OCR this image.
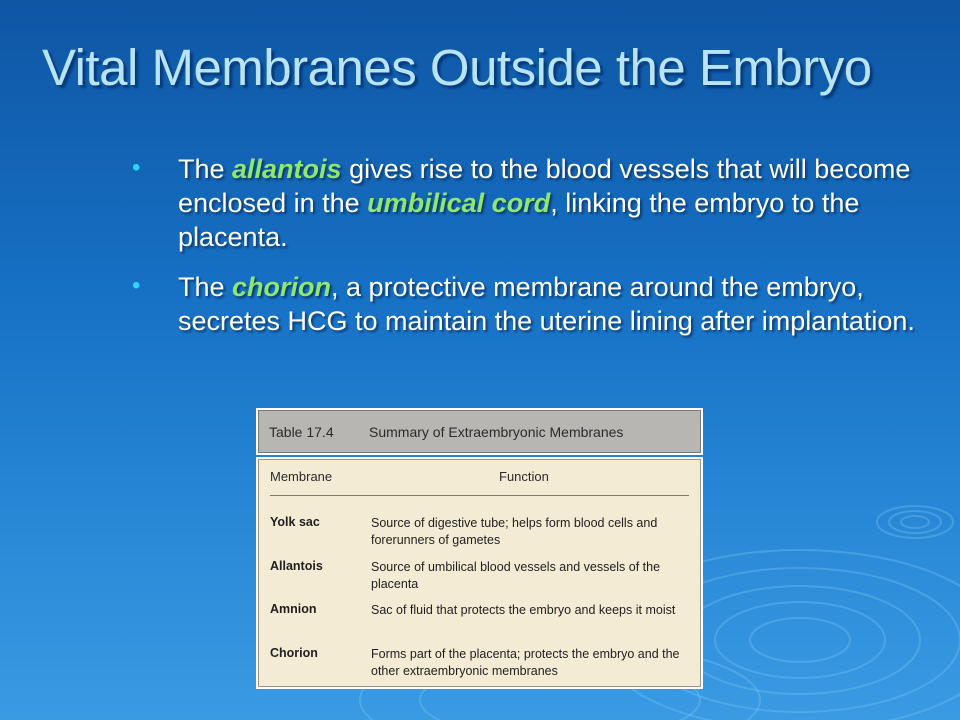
Vital Membranes Outside the Embryo
• The allantois gives rise to the blood vessels that will become enclosed in the umbilical cord, linking the embryo to the placenta.
• The chorion, a protective membrane around the embryo, secretes HCG to maintain the uterine lining after implantation.
Table 17.4	Summary of Extraembryonic Membranes
Membrane	Function
Yolk sac	Source of digestive tube; helps form blood cells and forerunners of gametes
Allantois	Source of umbilical blood vessels and vessels of the placenta
Amnion	Sac of fluid that protects the embryo and keeps it moist
Chorion	Forms part of the placenta; protects the embryo and the other extraembryonic membranes
